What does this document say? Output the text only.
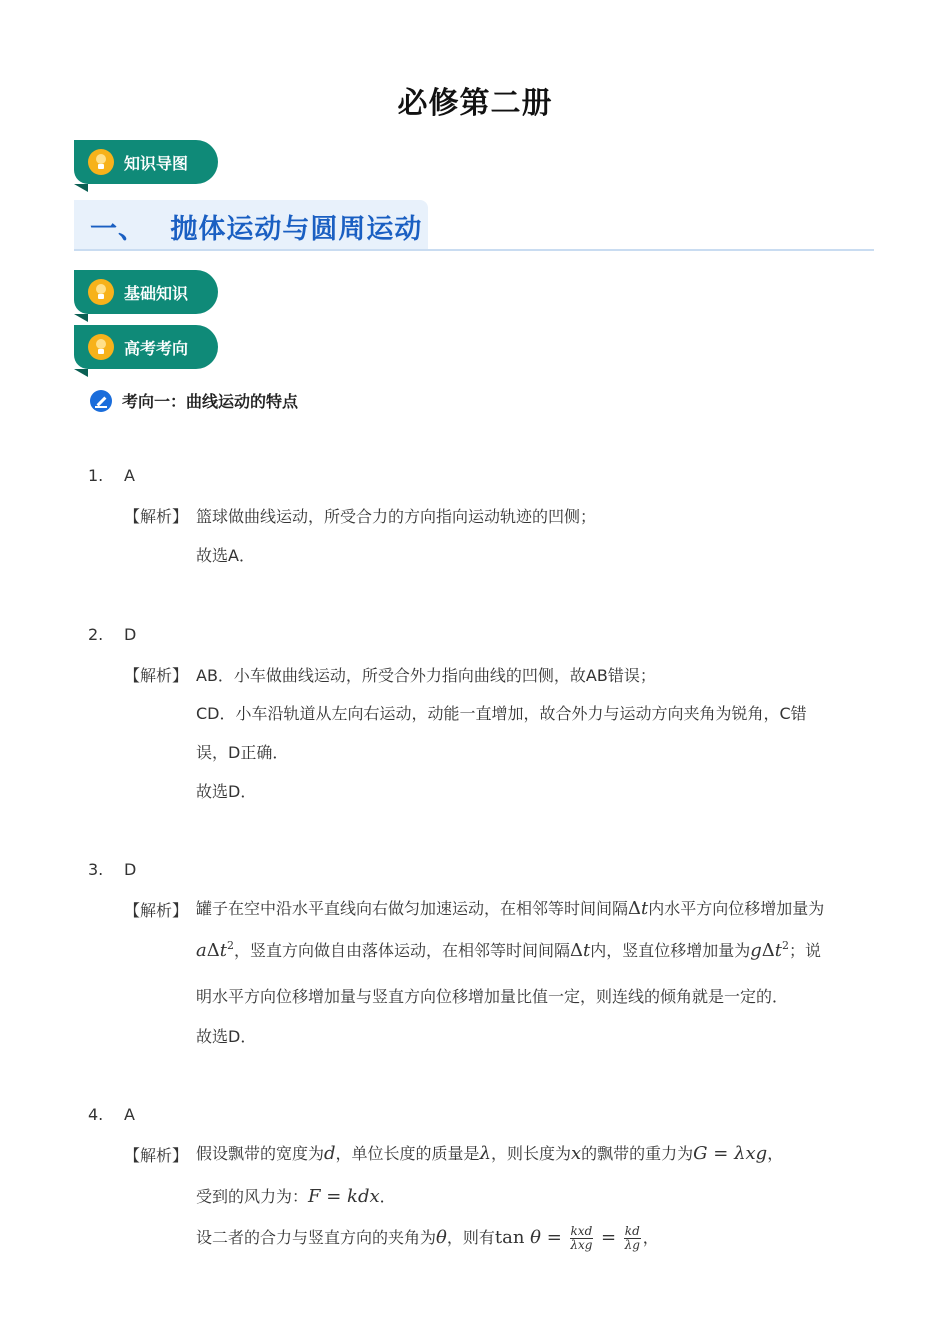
必修第二册
知识导图
一、 抛体运动与圆周运动
基础知识
高考考向
考向一：曲线运动的特点
1. A
【解析】 篮球做曲线运动，所受合力的方向指向运动轨迹的凹侧；
故选A．
2. D
【解析】 AB．小车做曲线运动，所受合外力指向曲线的凹侧，故AB错误；
CD．小车沿轨道从左向右运动，动能一直增加，故合外力与运动方向夹角为锐角，C错
误，D正确．
故选D．
3. D
【解析】 罐子在空中沿水平直线向右做匀加速运动，在相邻等时间间隔Δt内水平方向位移增加量为
aΔt$^2$，竖直方向做自由落体运动，在相邻等时间间隔Δt内，竖直位移增加量为gΔt$^2$；说
明水平方向位移增加量与竖直方向位移增加量比值一定，则连线的倾角就是一定的．
故选D．
4. A
【解析】 假设飘带的宽度为d，单位长度的质量是λ，则长度为x的飘带的重力为G = λxg，
受到的风力为：F = kdx．
设二者的合力与竖直方向的夹角为θ，则有$\tan \theta = \frac{\text{kxd}}{\text{λxg}} = \frac{kd}{\lambda g}$ ，
